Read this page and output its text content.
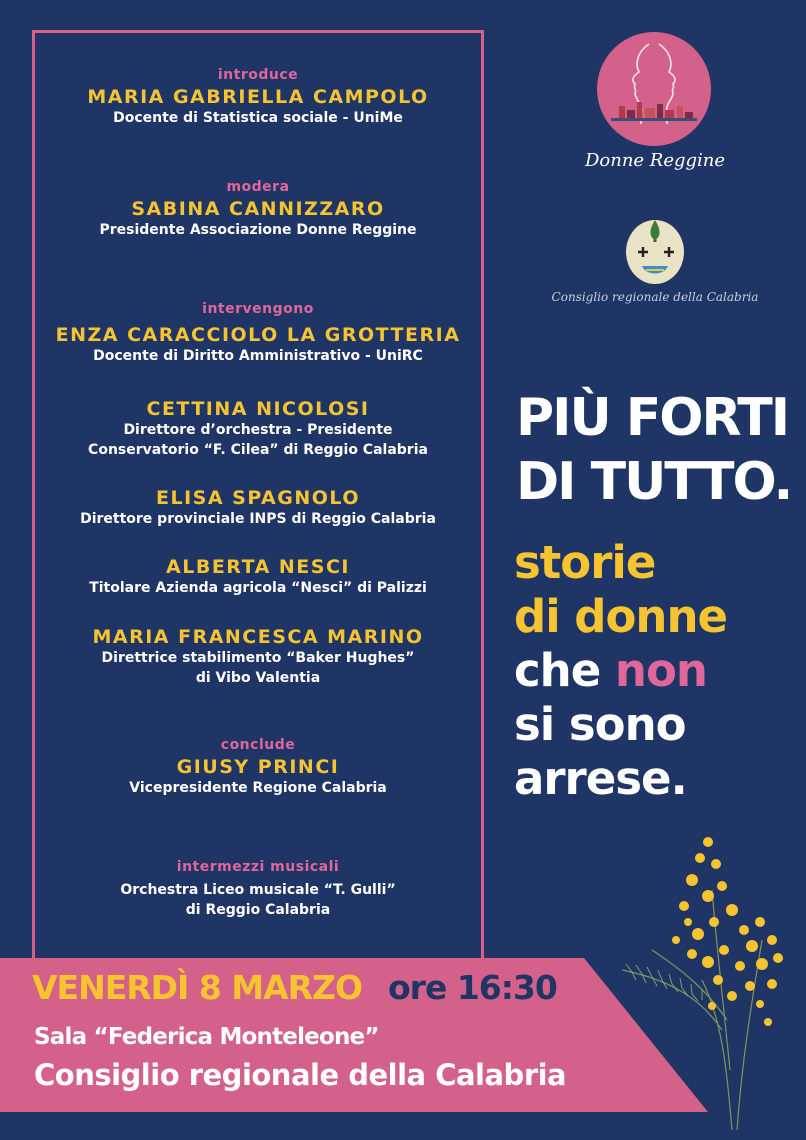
introduce
MARIA GABRIELLA CAMPOLO
Docente di Statistica sociale - UniMe
modera
SABINA CANNIZZARO
Presidente Associazione Donne Reggine
intervengono
ENZA CARACCIOLO LA GROTTERIA
Docente di Diritto Amministrativo - UniRC
CETTINA NICOLOSI
Direttore d’orchestra - Presidente
Conservatorio “F. Cilea” di Reggio Calabria
ELISA SPAGNOLO
Direttore provinciale INPS di Reggio Calabria
ALBERTA NESCI
Titolare Azienda agricola “Nesci” di Palizzi
MARIA FRANCESCA MARINO
Direttrice stabilimento “Baker Hughes”
di Vibo Valentia
conclude
GIUSY PRINCI
Vicepresidente Regione Calabria
intermezzi musicali
Orchestra Liceo musicale “T. Gulli”
di Reggio Calabria
Donne Reggine
Consiglio regionale della Calabria
PIÙ FORTI
DI TUTTO.
storie
di donne
che non
si sono
arrese.
VENERDÌ 8 MARZO ore 16:30
Sala “Federica Monteleone”
Consiglio regionale della Calabria
